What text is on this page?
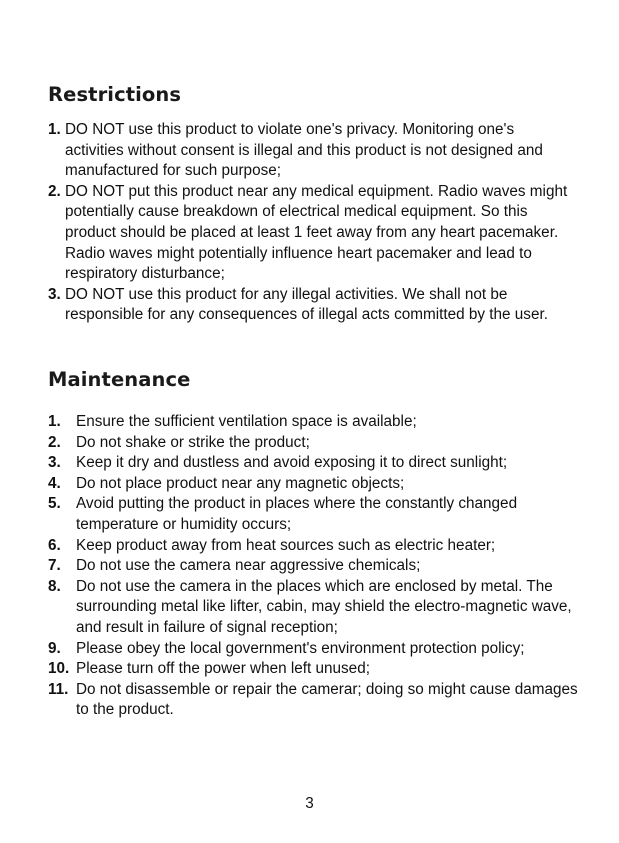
Restrictions
1. DO NOT use this product to violate one's privacy. Monitoring one's activities without consent is illegal and this product is not designed and manufactured for such purpose;
2. DO NOT put this product near any medical equipment. Radio waves might potentially cause breakdown of electrical medical equipment. So this product should be placed at least 1 feet away from any heart pacemaker. Radio waves might potentially influence heart pacemaker and lead to respiratory disturbance;
3. DO NOT use this product for any illegal activities. We shall not be responsible for any consequences of illegal acts committed by the user.
Maintenance
1. Ensure the sufficient ventilation space is available;
2. Do not shake or strike the product;
3. Keep it dry and dustless and avoid exposing it to direct sunlight;
4. Do not place product near any magnetic objects;
5. Avoid putting the product in places where the constantly changed temperature or humidity occurs;
6. Keep product away from heat sources such as electric heater;
7. Do not use the camera near aggressive chemicals;
8. Do not use the camera in the places which are enclosed by metal. The surrounding metal like lifter, cabin, may shield the electro-magnetic wave, and result in failure of signal reception;
9. Please obey the local government's environment protection policy;
10. Please turn off the power when left unused;
11. Do not disassemble or repair the camerar; doing so might cause damages to the product.
3
